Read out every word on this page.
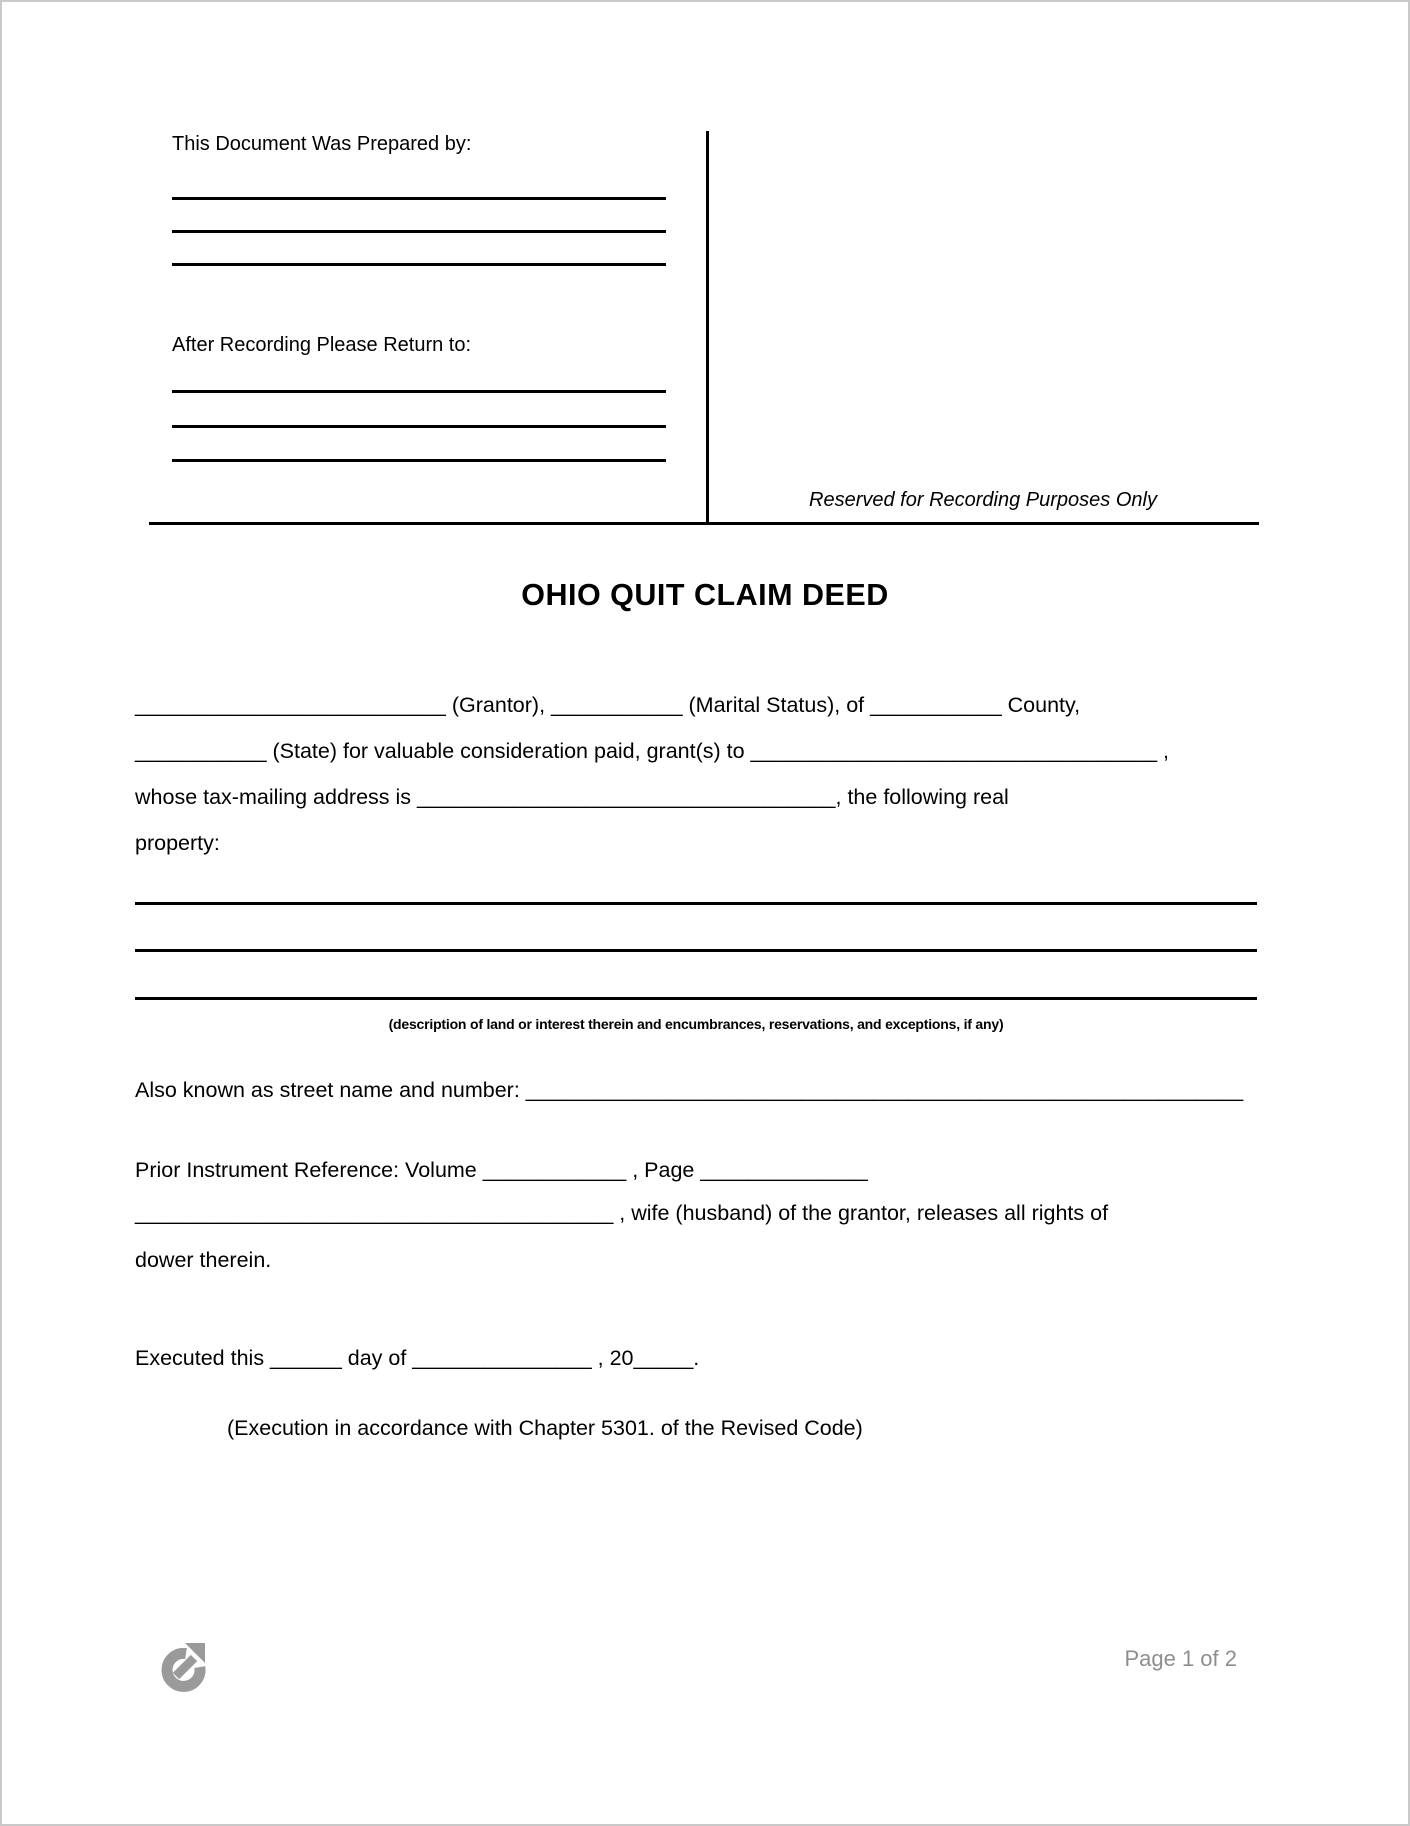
This Document Was Prepared by:
After Recording Please Return to:
Reserved for Recording Purposes Only
OHIO QUIT CLAIM DEED
__________________________ (Grantor), ___________ (Marital Status), of ___________ County,
___________ (State) for valuable consideration paid, grant(s) to __________________________________ ,
whose tax-mailing address is ___________________________________, the following real
property:
(description of land or interest therein and encumbrances, reservations, and exceptions, if any)
Also known as street name and number: ____________________________________________________________
Prior Instrument Reference: Volume ____________ , Page ______________
________________________________________ , wife (husband) of the grantor, releases all rights of
dower therein.
Executed this ______ day of _______________ , 20_____.
(Execution in accordance with Chapter 5301. of the Revised Code)
Page 1 of 2
